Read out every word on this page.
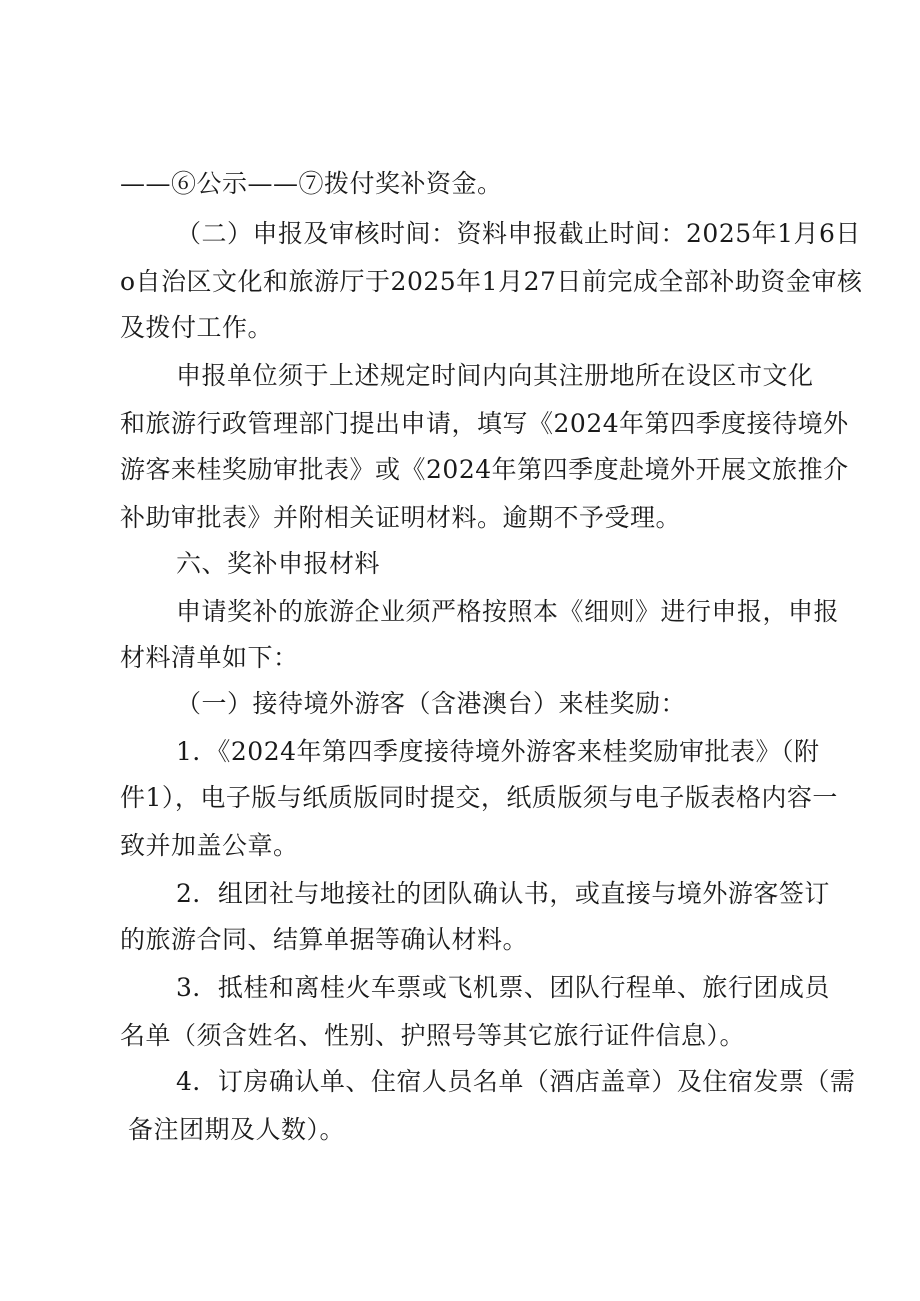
——⑥公示——⑦拨付奖补资金。
（二）申报及审核时间：资料申报截止时间：2025年1月6日
o自治区文化和旅游厅于2025年1月27日前完成全部补助资金审核
及拨付工作。
申报单位须于上述规定时间内向其注册地所在设区市文化
和旅游行政管理部门提出申请，填写《2024年第四季度接待境外
游客来桂奖励审批表》或《2024年第四季度赴境外开展文旅推介
补助审批表》并附相关证明材料。逾期不予受理。
六、奖补申报材料
申请奖补的旅游企业须严格按照本《细则》进行申报，申报
材料清单如下：
（一）接待境外游客（含港澳台）来桂奖励：
1．《2024年第四季度接待境外游客来桂奖励审批表》（附
件1），电子版与纸质版同时提交，纸质版须与电子版表格内容一
致并加盖公章。
2．组团社与地接社的团队确认书，或直接与境外游客签订
的旅游合同、结算单据等确认材料。
3．抵桂和离桂火车票或飞机票、团队行程单、旅行团成员
名单（须含姓名、性别、护照号等其它旅行证件信息）。
4．订房确认单、住宿人员名单（酒店盖章）及住宿发票（需
备注团期及人数）。
